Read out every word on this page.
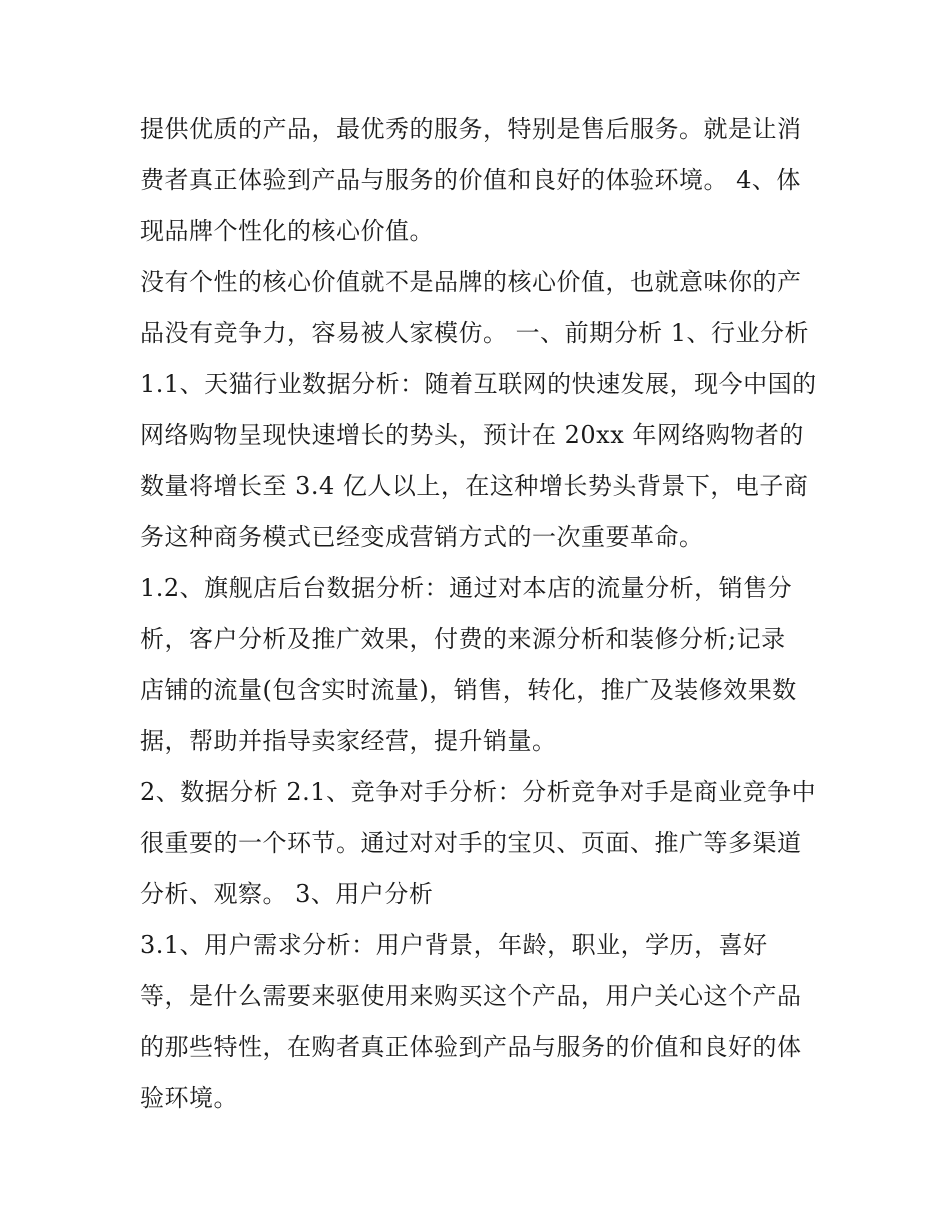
提供优质的产品，最优秀的服务，特别是售后服务。就是让消
费者真正体验到产品与服务的价值和良好的体验环境。 4、体
现品牌个性化的核心价值。
没有个性的核心价值就不是品牌的核心价值，也就意味你的产
品没有竞争力，容易被人家模仿。 一、前期分析 1、行业分析
1.1、天猫行业数据分析：随着互联网的快速发展，现今中国的
网络购物呈现快速增长的势头，预计在 20xx 年网络购物者的
数量将增长至 3.4 亿人以上，在这种增长势头背景下，电子商
务这种商务模式已经变成营销方式的一次重要革命。
1.2、旗舰店后台数据分析：通过对本店的流量分析，销售分
析，客户分析及推广效果，付费的来源分析和装修分析;记录
店铺的流量(包含实时流量)，销售，转化，推广及装修效果数
据，帮助并指导卖家经营，提升销量。
2、数据分析 2.1、竞争对手分析：分析竞争对手是商业竞争中
很重要的一个环节。通过对对手的宝贝、页面、推广等多渠道
分析、观察。 3、用户分析
3.1、用户需求分析：用户背景，年龄，职业，学历，喜好
等，是什么需要来驱使用来购买这个产品，用户关心这个产品
的那些特性，在购者真正体验到产品与服务的价值和良好的体
验环境。
